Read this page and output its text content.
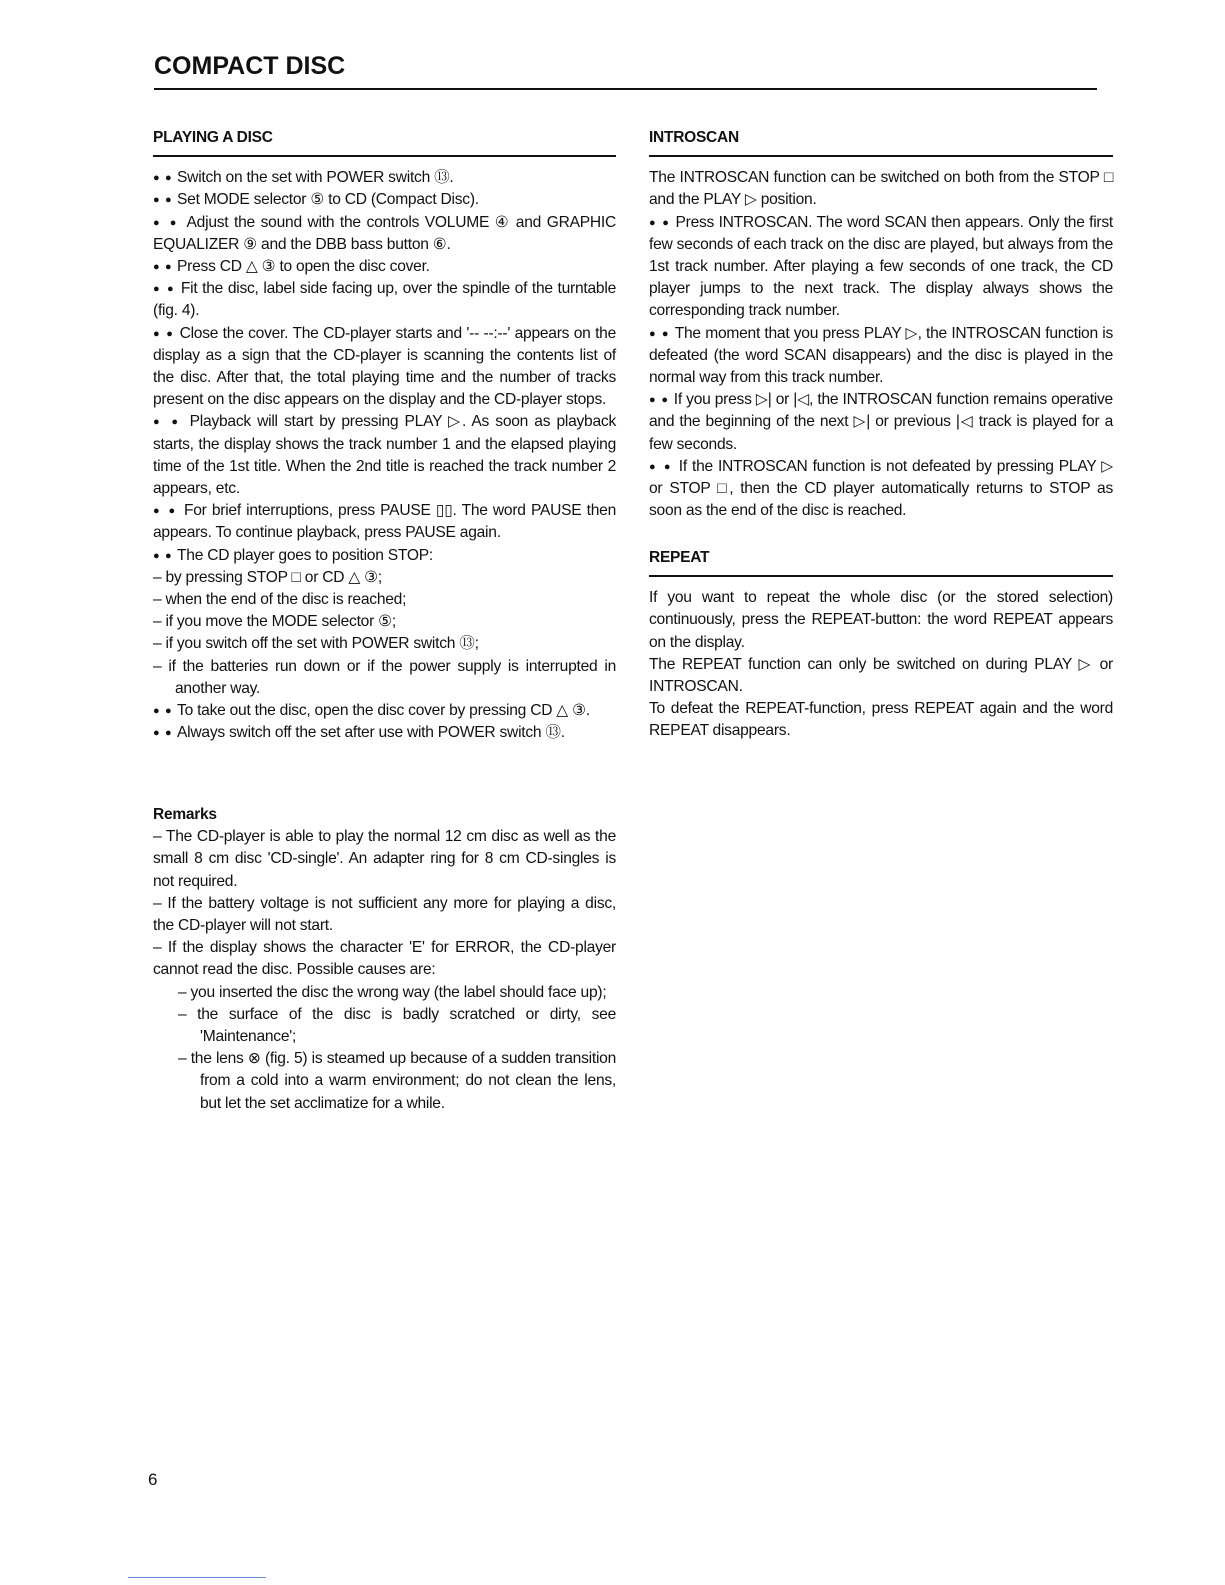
COMPACT DISC
PLAYING A DISC

●  ●  Switch on the set with POWER switch ⑬.

●  ●  Set MODE selector ⑤ to CD (Compact Disc).

●  ●  Adjust the sound with the controls VOLUME ④ and GRAPHIC EQUALIZER ⑨ and the DBB bass button ⑥.

●  ●  Press CD △ ③ to open the disc cover.

●  ●  Fit the disc, label side facing up, over the spindle of the turntable (fig. 4).

●  ●  Close the cover. The CD-player starts and '-- --:--' appears on the display as a sign that the CD-player is scanning the contents list of the disc. After that, the total playing time and the number of tracks present on the disc appears on the display and the CD-player stops.

●  ●  Playback will start by pressing PLAY ▷. As soon as playback starts, the display shows the track number 1 and the elapsed playing time of the 1st title. When the 2nd title is reached the track number 2 appears, etc.

●  ●  For brief interruptions, press PAUSE ▯▯. The word PAUSE then appears. To continue playback, press PAUSE again.

●  ●  The CD player goes to position STOP:

– by pressing STOP □ or CD △ ③;

– when the end of the disc is reached;

– if you move the MODE selector ⑤;

– if you switch off the set with POWER switch ⑬;

– if the batteries run down or if the power supply is interrupted in another way.

●  ●  To take out the disc, open the disc cover by pressing CD △ ③.

●  ●  Always switch off the set after use with POWER switch ⑬.

Remarks

– The CD-player is able to play the normal 12 cm disc as well as the small 8 cm disc 'CD-single'. An adapter ring for 8 cm CD-singles is not required.

– If the battery voltage is not sufficient any more for playing a disc, the CD-player will not start.

– If the display shows the character 'E' for ERROR, the CD-player cannot read the disc. Possible causes are:

– you inserted the disc the wrong way (the label should face up);

– the surface of the disc is badly scratched or dirty, see 'Maintenance';

– the lens ⊗ (fig. 5) is steamed up because of a sudden transition from a cold into a warm environment; do not clean the lens, but let the set acclimatize for a while.

INTROSCAN

The INTROSCAN function can be switched on both from the STOP □ and the PLAY ▷ position.

●  ●  Press INTROSCAN. The word SCAN then appears. Only the first few seconds of each track on the disc are played, but always from the 1st track number. After playing a few seconds of one track, the CD player jumps to the next track. The display always shows the corresponding track number.

●  ●  The moment that you press PLAY ▷, the INTROSCAN function is defeated (the word SCAN disappears) and the disc is played in the normal way from this track number.

●  ●  If you press ▷| or |◁, the INTROSCAN function remains operative and the beginning of the next ▷| or previous |◁ track is played for a few seconds.

●  ●  If the INTROSCAN function is not defeated by pressing PLAY ▷ or STOP □, then the CD player automatically returns to STOP as soon as the end of the disc is reached.

REPEAT

If you want to repeat the whole disc (or the stored selection) continuously, press the REPEAT-button: the word REPEAT appears on the display.

The REPEAT function can only be switched on during PLAY ▷ or INTROSCAN.

To defeat the REPEAT-function, press REPEAT again and the word REPEAT disappears.

6
